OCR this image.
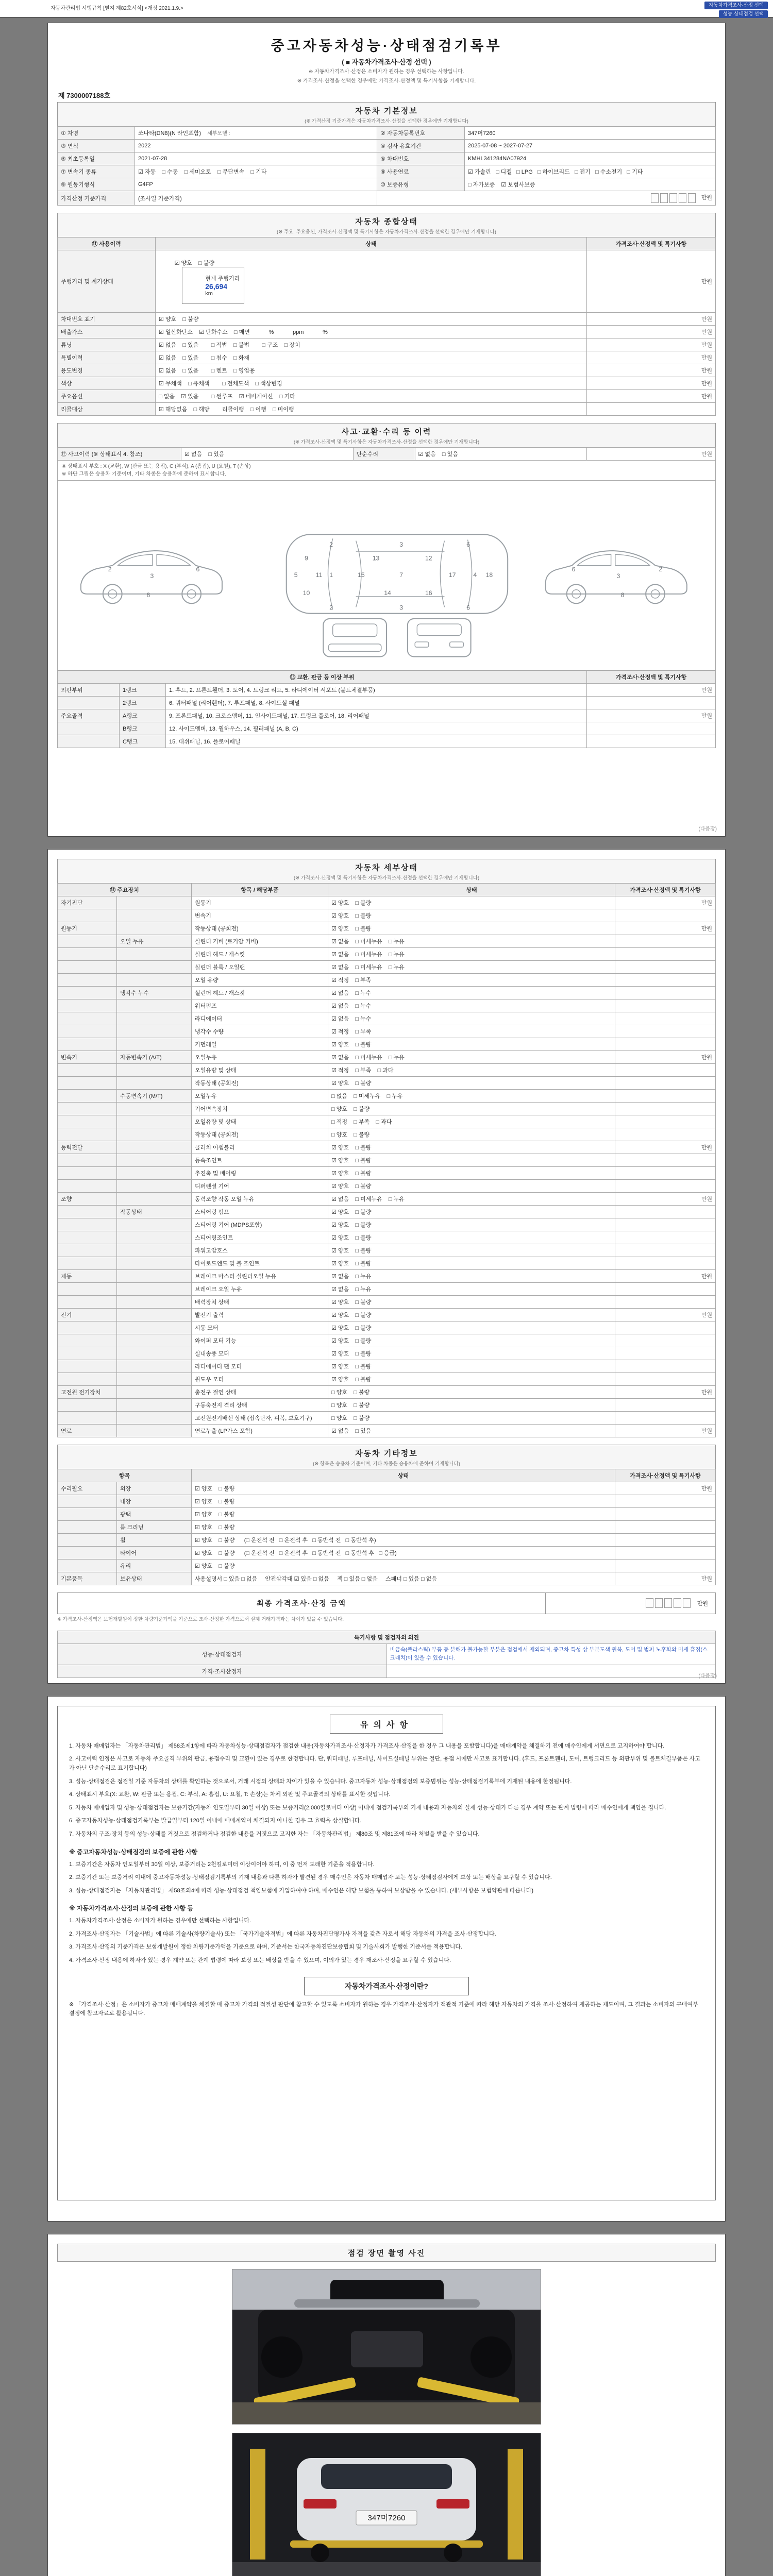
자동차관리법 시행규칙 [별지 제82호서식] <개정 2021.1.9.>
자동차가격조사·산정 선택
성능·상태점검 선택
중고자동차성능·상태점검기록부
( ■ 자동차가격조사·산정 선택 )
※ 자동차가격조사·산정은 소비자가 원하는 경우 선택하는 사항입니다.
※ 가격조사·산정을 선택한 경우에만 가격조사·산정액 및 특기사항을 기재합니다.
제 7300007188호
자동차 기본정보
(※ 가격산정 기준가격은 자동차가격조사·산정을 선택한 경우에만 기재합니다)
① 차명	쏘나타(DN8)(N 라인포함) 세부모델 :	② 자동차등록번호	347머7260
③ 연식	2022	④ 검사 유효기간	2025-07-08 ~ 2027-07-27
⑤ 최초등록일	2021-07-28	⑥ 차대번호	KMHL341284NA07924
⑦ 변속기 종류	☑ 자동    □ 수동    □ 세미오토    □ 무단변속    □ 기타	⑧ 사용연료	☑ 가솔린   □ 디젤   □ LPG   □ 하이브리드   □ 전기   □ 수소전기   □ 기타
⑨ 원동기형식	G4FP	⑩ 보증유형	□ 자가보증    ☑ 보험사보증
가격산정 기준가격	(조사일 기준가격)	만원	
자동차 종합상태
(※ 주요, 주요옵션, 가격조사·산정액 및 특기사항은 자동차가격조사·산정을 선택한 경우에만 기재합니다)
⑪ 사용이력	상태	가격조사·산정액 및 특기사항
주행거리 및 계기상태	☑ 양호    □ 불량

현재 주행거리
26,694
km	만원
차대번호 표기	☑ 양호    □ 불량	만원
배출가스	☑ 일산화탄소    ☑ 탄화수소    □ 매연            %            ppm            %	만원
튜닝	☑ 없음    □ 있음        □ 적법    □ 불법        □ 구조    □ 장치	만원
특별이력	☑ 없음    □ 있음        □ 침수    □ 화재	만원
용도변경	☑ 없음    □ 있음        □ 렌트    □ 영업용	만원
색상	☑ 무채색    □ 유채색        □ 전체도색    □ 색상변경	만원
주요옵션	□ 없음    ☑ 있음        □ 썬루프    ☑ 네비게이션    □ 기타	만원
리콜대상	☑ 해당없음    □ 해당        리콜이행    □ 이행    □ 미이행	
사고·교환·수리 등 이력
(※ 가격조사·산정액 및 특기사항은 자동차가격조사·산정을 선택한 경우에만 기재합니다)
⑫ 사고이력 (※ 상태표시 4. 참조)	☑ 없음    □ 있음	단순수리	☑ 없음    □ 있음	만원
※ 상태표시 부호 : X (교환), W (판금 또는 용접), C (부식), A (흠집), U (요철), T (손상)
※ 하단 그림은 승용차 기준이며, 기타 차종은 승용차에 준하여 표시합니다.
2
3
6
8
5	1	7	4
2
2
3
3
6
6
9
10
11	15
13
14
12
16
17	18
2
3
6
8
⑬ 교환, 판금 등 이상 부위			가격조사·산정액 및 특기사항
외판부위	1랭크	1. 후드, 2. 프론트휀더, 3. 도어, 4. 트렁크 리드, 5. 라디에이터 서포트 (볼트체결부품)	만원
	2랭크	6. 쿼터패널 (리어휀더), 7. 루프패널, 8. 사이드실 패널	
주요골격	A랭크	9. 프론트패널, 10. 크로스멤버, 11. 인사이드패널, 17. 트렁크 플로어, 18. 리어패널	만원
	B랭크	12. 사이드멤버, 13. 휠하우스, 14. 필러패널 (A, B, C)	
	C랭크	15. 대쉬패널, 16. 플로어패널	
(다음장)
자동차 세부상태
(※ 가격조사·산정액 및 특기사항은 자동차가격조사·산정을 선택한 경우에만 기재합니다)
⑭ 주요장치		항목 / 해당부품	상태	가격조사·산정액 및 특기사항
자기진단		원동기	☑ 양호    □ 불량	만원
		변속기	☑ 양호    □ 불량	
원동기		작동상태 (공회전)	☑ 양호    □ 불량	만원
	오일 누유	실린더 커버 (로커암 커버)	☑ 없음    □ 미세누유    □ 누유	
		실린더 헤드 / 개스킷	☑ 없음    □ 미세누유    □ 누유	
		실린더 블록 / 오일팬	☑ 없음    □ 미세누유    □ 누유	
		오일 유량	☑ 적정    □ 부족	
	냉각수 누수	실린더 헤드 / 개스킷	☑ 없음    □ 누수	
		워터펌프	☑ 없음    □ 누수	
		라디에이터	☑ 없음    □ 누수	
		냉각수 수량	☑ 적정    □ 부족	
		커먼레일	☑ 양호    □ 불량	
변속기	자동변속기 (A/T)	오일누유	☑ 없음    □ 미세누유    □ 누유	만원
		오일유량 및 상태	☑ 적정    □ 부족    □ 과다	
		작동상태 (공회전)	☑ 양호    □ 불량	
	수동변속기 (M/T)	오일누유	□ 없음    □ 미세누유    □ 누유	
		기어변속장치	□ 양호    □ 불량	
		오일유량 및 상태	□ 적정    □ 부족    □ 과다	
		작동상태 (공회전)	□ 양호    □ 불량	
동력전달		클러치 어셈블리	☑ 양호    □ 불량	만원
		등속조인트	☑ 양호    □ 불량	
		추진축 및 베어링	☑ 양호    □ 불량	
		디퍼렌셜 기어	☑ 양호    □ 불량	
조향		동력조향 작동 오일 누유	☑ 없음    □ 미세누유    □ 누유	만원
	작동상태	스티어링 펌프	☑ 양호    □ 불량	
		스티어링 기어 (MDPS포함)	☑ 양호    □ 불량	
		스티어링조인트	☑ 양호    □ 불량	
		파워고압호스	☑ 양호    □ 불량	
		타이로드엔드 및 볼 조인트	☑ 양호    □ 불량	
제동		브레이크 마스터 실린더오일 누유	☑ 없음    □ 누유	만원
		브레이크 오일 누유	☑ 없음    □ 누유	
		배력장치 상태	☑ 양호    □ 불량	
전기		발전기 출력	☑ 양호    □ 불량	만원
		시동 모터	☑ 양호    □ 불량	
		와이퍼 모터 기능	☑ 양호    □ 불량	
		실내송풍 모터	☑ 양호    □ 불량	
		라디에이터 팬 모터	☑ 양호    □ 불량	
		윈도우 모터	☑ 양호    □ 불량	
고전원 전기장치		충전구 절연 상태	□ 양호    □ 불량	만원
		구동축전지 격리 상태	□ 양호    □ 불량	
		고전원전기배선 상태 (접속단자, 피복, 보호기구)	□ 양호    □ 불량	
연료		연료누출 (LP가스 포함)	☑ 없음    □ 있음	만원
자동차 기타정보
(※ 항목은 승용차 기준이며, 기타 차종은 승용차에 준하여 기재합니다)
항목		상태	가격조사·산정액 및 특기사항
수리필요	외장	☑ 양호    □ 불량	만원
	내장	☑ 양호    □ 불량	
	광택	☑ 양호    □ 불량	
	룸 크리닝	☑ 양호    □ 불량	
	휠	☑ 양호    □ 불량      (□ 운전석 전   □ 운전석 후   □ 동반석 전   □ 동반석 후)	
	타이어	☑ 양호    □ 불량      (□ 운전석 전   □ 운전석 후   □ 동반석 전   □ 동반석 후   □ 응급)	
	유리	☑ 양호    □ 불량	
기본품목	보유상태	사용설명서 □ 있음 □ 없음     안전삼각대 ☑ 있음 □ 없음     잭 □ 있음 □ 없음     스패너 □ 있음 □ 없음	만원
최종 가격조사·산정 금액	만원

※ 가격조사·산정액은 보험개발원이 정한 차량기준가액을 기준으로 조사·산정한 가격으로서 실제 거래가격과는 차이가 있을 수 있습니다.

특기사항 및 점검자의 의견	
성능·상태점검자	비금속(플라스틱) 부품 등 분해가 불가능한 부분은 점검에서 제외되며, 중고차 특성 상 부분도색 원복, 도어 및 범퍼 노후화와 미세 흠집(스크래치)이 있을 수 있습니다.
가격·조사산정자	
(다음장)
유의사항

1. 자동차 매매업자는 「자동차관리법」 제58조제1항에 따라 자동차성능·상태점검자가 점검한 내용(자동차가격조사·산정자가 가격조사·산정을 한 경우 그 내용을 포함합니다)을 매매계약을 체결하기 전에 매수인에게 서면으로 고지하여야 합니다.

2. 사고이력 인정은 사고로 자동차 주요골격 부위의 판금, 용접수리 및 교환이 있는 경우로 한정합니다. 단, 쿼터패널, 루프패널, 사이드실패널 부위는 절단, 용접 시에만 사고로 표기합니다. (후드, 프론트휀더, 도어, 트렁크리드 등 외판부위 및 볼트체결부품은 사고가 아닌 단순수리로 표기합니다)

3. 성능·상태점검은 점검일 기준 자동차의 상태를 확인하는 것으로서, 거래 시점의 상태와 차이가 있을 수 있습니다. 중고자동차 성능·상태점검의 보증범위는 성능·상태점검기록부에 기재된 내용에 한정됩니다.

4. 상태표시 부호(X: 교환, W: 판금 또는 용접, C: 부식, A: 흠집, U: 요철, T: 손상)는 차체 외판 및 주요골격의 상태를 표시한 것입니다.

5. 자동차 매매업자 및 성능·상태점검자는 보증기간(자동차 인도일부터 30일 이상) 또는 보증거리(2,000킬로미터 이상) 이내에 점검기록부의 기재 내용과 자동차의 실제 성능·상태가 다른 경우 계약 또는 관계 법령에 따라 매수인에게 책임을 집니다.

6. 중고자동차성능·상태점검기록부는 발급일부터 120일 이내에 매매계약이 체결되지 아니한 경우 그 효력을 상실합니다.

7. 자동차의 구조·장치 등의 성능·상태를 거짓으로 점검하거나 점검한 내용을 거짓으로 고지한 자는 「자동차관리법」 제80조 및 제81조에 따라 처벌을 받을 수 있습니다.

※ 중고자동차성능·상태점검의 보증에 관한 사항

1. 보증기간은 자동차 인도일부터 30일 이상, 보증거리는 2천킬로미터 이상이어야 하며, 이 중 먼저 도래한 기준을 적용합니다.

2. 보증기간 또는 보증거리 이내에 중고자동차성능·상태점검기록부의 기재 내용과 다른 하자가 발견된 경우 매수인은 자동차 매매업자 또는 성능·상태점검자에게 보상 또는 배상을 요구할 수 있습니다.

3. 성능·상태점검자는 「자동차관리법」 제58조의4에 따라 성능·상태점검 책임보험에 가입하여야 하며, 매수인은 해당 보험을 통하여 보상받을 수 있습니다. (세부사항은 보험약관에 따릅니다)

※ 자동차가격조사·산정의 보증에 관한 사항 등

1. 자동차가격조사·산정은 소비자가 원하는 경우에만 선택하는 사항입니다.

2. 가격조사·산정자는 「기술사법」에 따른 기술사(차량기술사) 또는 「국가기술자격법」에 따른 자동차진단평가사 자격을 갖춘 자로서 해당 자동차의 가격을 조사·산정합니다.

3. 가격조사·산정의 기준가격은 보험개발원이 정한 차량기준가액을 기준으로 하며, 기준서는 한국자동차진단보증협회 및 기술사회가 발행한 기준서를 적용합니다.

4. 가격조사·산정 내용에 하자가 있는 경우 계약 또는 관계 법령에 따라 보상 또는 배상을 받을 수 있으며, 이의가 있는 경우 재조사·산정을 요구할 수 있습니다.

자동차가격조사·산정이란?

※ 「가격조사·산정」은 소비자가 중고차 매매계약을 체결할 때 중고차 가격의 적절성 판단에 참고할 수 있도록 소비자가 원하는 경우 가격조사·산정자가 객관적 기준에 따라 해당 자동차의 가격을 조사·산정하여 제공하는 제도이며, 그 결과는 소비자의 구매여부 결정에 참고자료로 활용됩니다.

점검 장면 촬영 사진
347머7260
